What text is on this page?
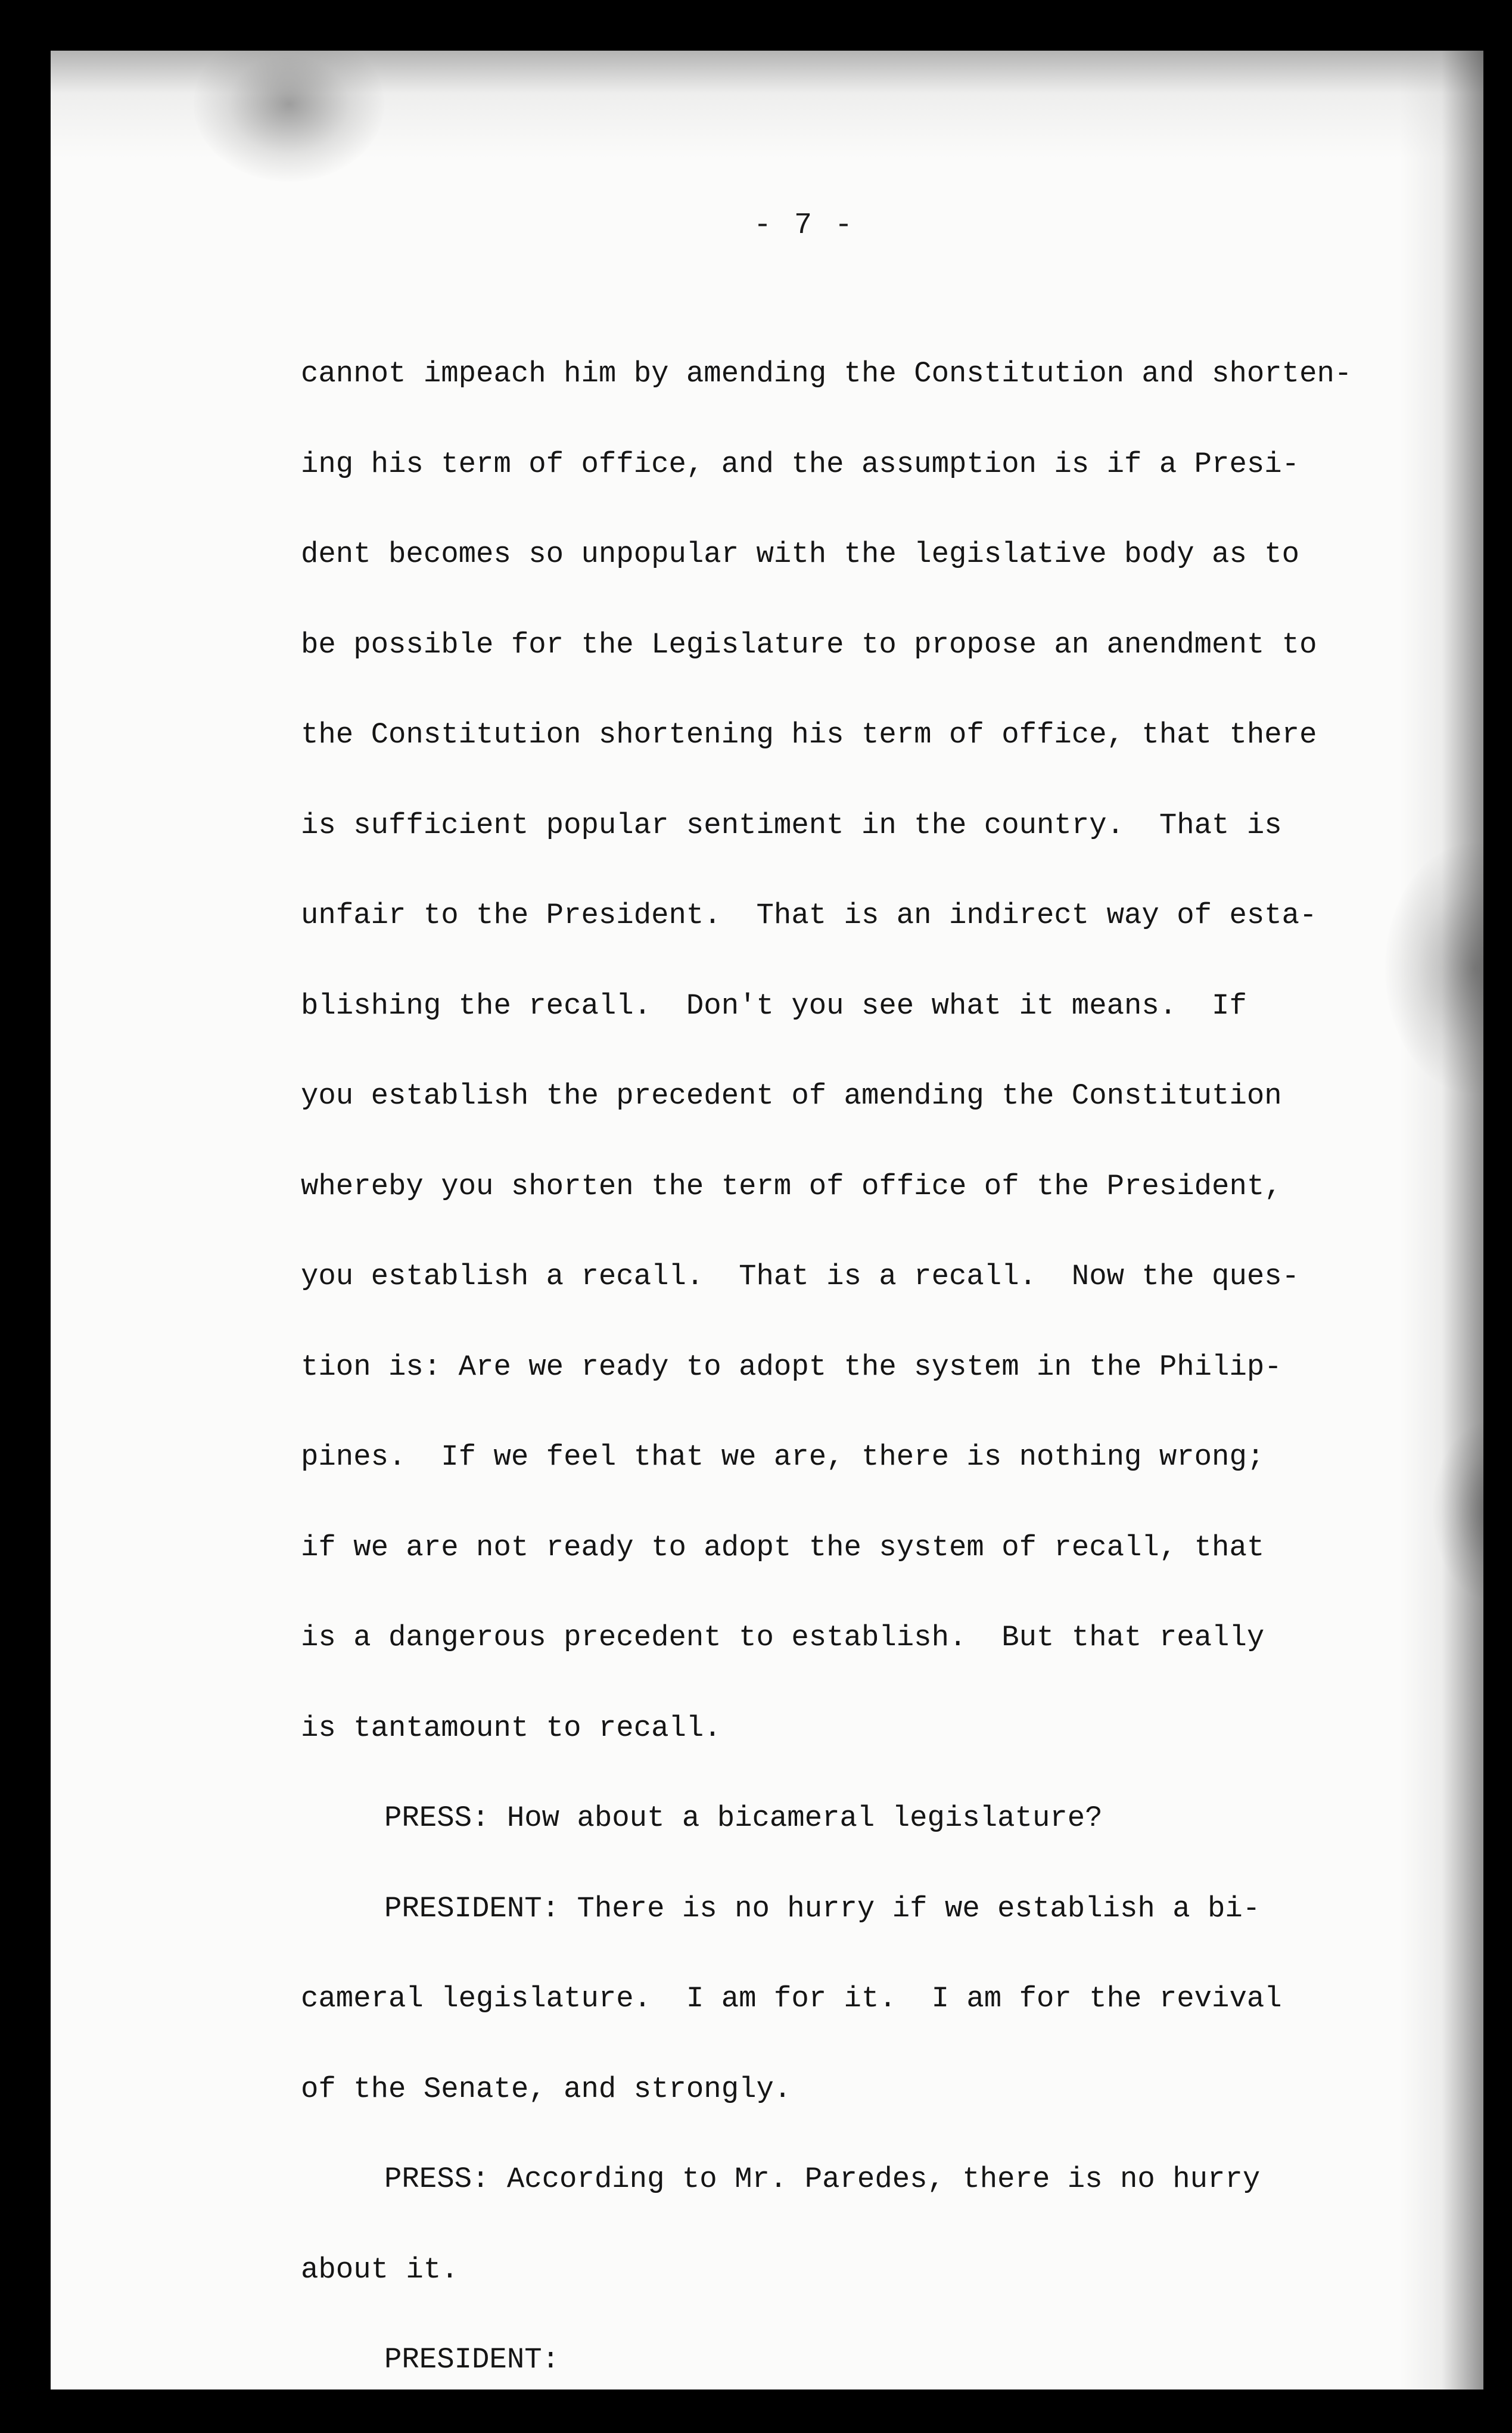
- 7 -

cannot impeach him by amending the Constitution and shorten-

ing his term of office, and the assumption is if a Presi-

dent becomes so unpopular with the legislative body as to

be possible for the Legislature to propose an anendment to

the Constitution shortening his term of office, that there

is sufficient popular sentiment in the country.  That is

unfair to the President.  That is an indirect way of esta-

blishing the recall.  Don't you see what it means.  If

you establish the precedent of amending the Constitution

whereby you shorten the term of office of the President,

you establish a recall.  That is a recall.  Now the ques-

tion is: Are we ready to adopt the system in the Philip-

pines.  If we feel that we are, there is nothing wrong;

if we are not ready to adopt the system of recall, that

is a dangerous precedent to establish.  But that really

is tantamount to recall.

PRESS: How about a bicameral legislature?

PRESIDENT: There is no hurry if we establish a bi-

cameral legislature.  I am for it.  I am for the revival

of the Senate, and strongly.

PRESS: According to Mr. Paredes, there is no hurry

about it.

PRESIDENT:
